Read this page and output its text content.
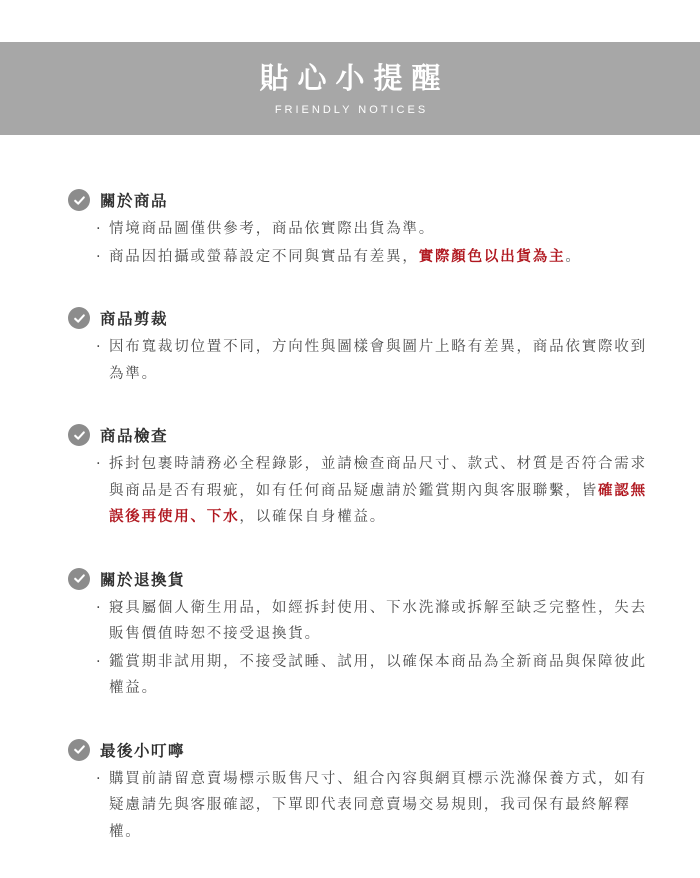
貼心小提醒
FRIENDLY NOTICES
關於商品
· 情境商品圖僅供參考，商品依實際出貨為準。
· 商品因拍攝或螢幕設定不同與實品有差異，實際顏色以出貨為主。
商品剪裁
· 因布寬裁切位置不同，方向性與圖樣會與圖片上略有差異，商品依實際收到為準。
商品檢查
· 拆封包裹時請務必全程錄影，並請檢查商品尺寸、款式、材質是否符合需求與商品是否有瑕疵，如有任何商品疑慮請於鑑賞期內與客服聯繫，皆確認無誤後再使用、下水，以確保自身權益。
關於退換貨
· 寢具屬個人衛生用品，如經拆封使用、下水洗滌或拆解至缺乏完整性，失去販售價值時恕不接受退換貨。
· 鑑賞期非試用期，不接受試睡、試用，以確保本商品為全新商品與保障彼此權益。
最後小叮嚀
· 購買前請留意賣場標示販售尺寸、組合內容與網頁標示洗滌保養方式，如有疑慮請先與客服確認，下單即代表同意賣場交易規則，我司保有最終解釋權。
